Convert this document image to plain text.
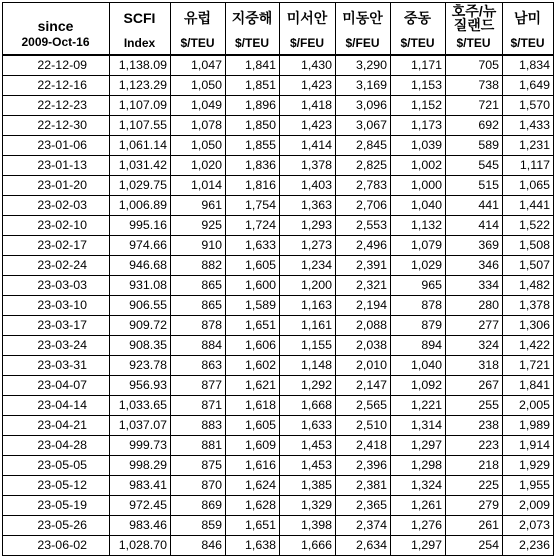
since	SCFI	유럽	지중해	미서안	미동안	중동	호주/뉴질랜드	남미
2009-Oct-16	Index	$/TEU	$/TEU	$/FEU	$/FEU	$/TEU	$/TEU	$/TEU
22-12-09	1,138.09	1,047	1,841	1,430	3,290	1,171	705	1,834
22-12-16	1,123.29	1,050	1,851	1,423	3,169	1,153	738	1,649
22-12-23	1,107.09	1,049	1,896	1,418	3,096	1,152	721	1,570
22-12-30	1,107.55	1,078	1,850	1,423	3,067	1,173	692	1,433
23-01-06	1,061.14	1,050	1,855	1,414	2,845	1,039	589	1,231
23-01-13	1,031.42	1,020	1,836	1,378	2,825	1,002	545	1,117
23-01-20	1,029.75	1,014	1,816	1,403	2,783	1,000	515	1,065
23-02-03	1,006.89	961	1,754	1,363	2,706	1,040	441	1,441
23-02-10	995.16	925	1,724	1,293	2,553	1,132	414	1,522
23-02-17	974.66	910	1,633	1,273	2,496	1,079	369	1,508
23-02-24	946.68	882	1,605	1,234	2,391	1,029	346	1,507
23-03-03	931.08	865	1,600	1,200	2,321	965	334	1,482
23-03-10	906.55	865	1,589	1,163	2,194	878	280	1,378
23-03-17	909.72	878	1,651	1,161	2,088	879	277	1,306
23-03-24	908.35	884	1,606	1,155	2,038	894	324	1,422
23-03-31	923.78	863	1,602	1,148	2,010	1,040	318	1,721
23-04-07	956.93	877	1,621	1,292	2,147	1,092	267	1,841
23-04-14	1,033.65	871	1,618	1,668	2,565	1,221	255	2,005
23-04-21	1,037.07	883	1,605	1,633	2,510	1,314	238	1,989
23-04-28	999.73	881	1,609	1,453	2,418	1,297	223	1,914
23-05-05	998.29	875	1,616	1,453	2,396	1,298	218	1,929
23-05-12	983.41	870	1,624	1,385	2,381	1,324	225	1,955
23-05-19	972.45	869	1,628	1,329	2,365	1,261	279	2,009
23-05-26	983.46	859	1,651	1,398	2,374	1,276	261	2,073
23-06-02	1,028.70	846	1,638	1,666	2,634	1,297	254	2,236
